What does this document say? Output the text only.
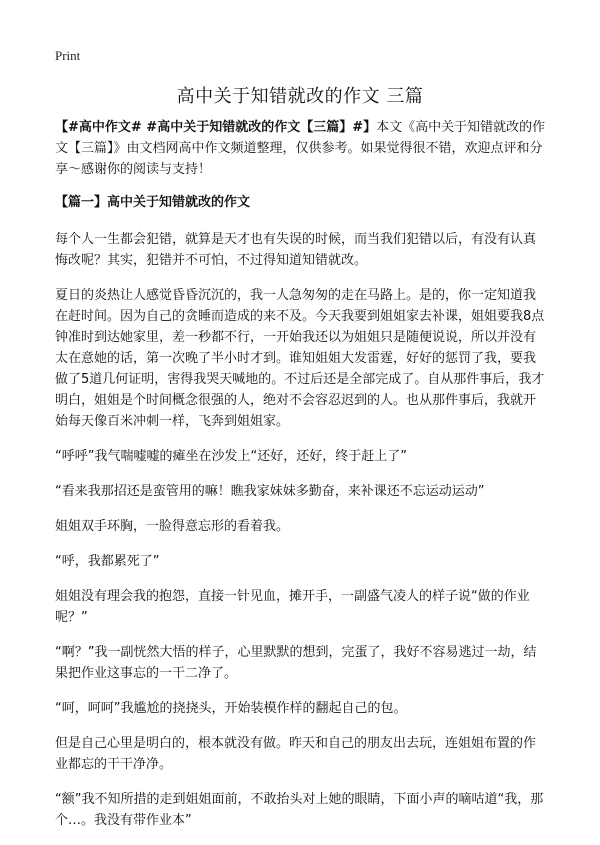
Print
高中关于知错就改的作文 三篇

【#高中作文# #高中关于知错就改的作文【三篇】#】本文《高中关于知错就改的作文【三篇】》由文档网高中作文频道整理，仅供参考。如果觉得很不错，欢迎点评和分享～感谢你的阅读与支持！

【篇一】高中关于知错就改的作文

每个人一生都会犯错，就算是天才也有失误的时候，而当我们犯错以后，有没有认真悔改呢？其实，犯错并不可怕，不过得知道知错就改。

夏日的炎热让人感觉昏昏沉沉的，我一人急匆匆的走在马路上。是的，你一定知道我在赶时间。因为自己的贪睡而造成的来不及。今天我要到姐姐家去补课，姐姐要我8点钟准时到达她家里，差一秒都不行，一开始我还以为姐姐只是随便说说，所以并没有太在意她的话，第一次晚了半小时才到。谁知姐姐大发雷霆，好好的惩罚了我，要我做了5道几何证明，害得我哭天喊地的。不过后还是全部完成了。自从那件事后，我才明白，姐姐是个时间概念很强的人，绝对不会容忍迟到的人。也从那件事后，我就开始每天像百米冲刺一样，飞奔到姐姐家。

“呼呼”我气喘嘘嘘的瘫坐在沙发上“还好，还好，终于赶上了”

“看来我那招还是蛮管用的嘛！瞧我家妹妹多勤奋，来补课还不忘运动运动”

姐姐双手环胸，一脸得意忘形的看着我。

“呼，我都累死了”

姐姐没有理会我的抱怨，直接一针见血，摊开手，一副盛气凌人的样子说“做的作业呢？”

“啊？”我一副恍然大悟的样子，心里默默的想到，完蛋了，我好不容易逃过一劫，结果把作业这事忘的一干二净了。

“呵，呵呵”我尴尬的挠挠头，开始装模作样的翻起自己的包。

但是自己心里是明白的，根本就没有做。昨天和自己的朋友出去玩，连姐姐布置的作业都忘的干干净净。

“额”我不知所措的走到姐姐面前，不敢抬头对上她的眼睛，下面小声的嘀咕道“我，那个…。我没有带作业本”
